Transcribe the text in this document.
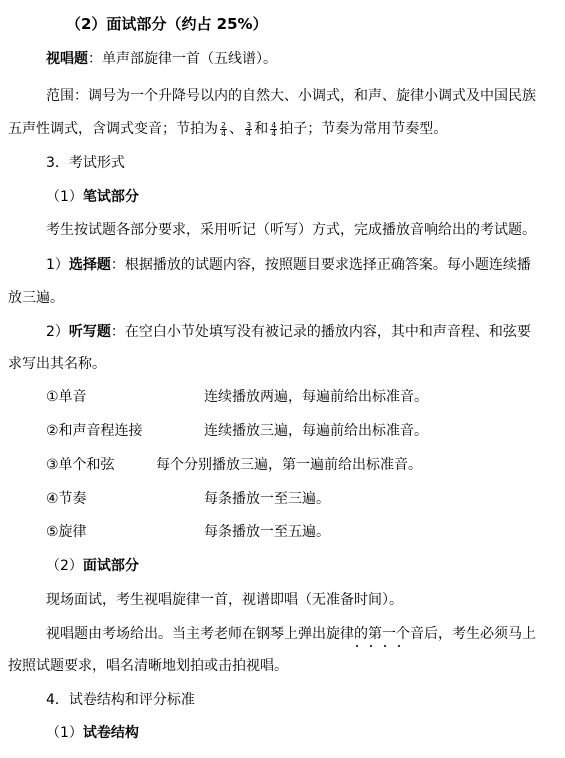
（2）面试部分（约占 25%）
视唱题：单声部旋律一首（五线谱）。
范围：调号为一个升降号以内的自然大、小调式，和声、旋律小调式及中国民族
五声性调式，含调式变音；节拍为 $\frac{2}{4}$ 、 $\frac{3}{4}$ 和 $\frac{4}{4}$ 拍子；节奏为常用节奏型。
3．考试形式
（1）笔试部分
考生按试题各部分要求，采用听记（听写）方式，完成播放音响给出的考试题。
1）选择题：根据播放的试题内容，按照题目要求选择正确答案。每小题连续播
放三遍。
2）听写题：在空白小节处填写没有被记录的播放内容，其中和声音程、和弦要
求写出其名称。
①单音	连续播放两遍，每遍前给出标准音。
②和声音程连接	连续播放三遍，每遍前给出标准音。
③单个和弦	每个分别播放三遍，第一遍前给出标准音。
④节奏	每条播放一至三遍。
⑤旋律	每条播放一至五遍。
（2）面试部分
现场面试，考生视唱旋律一首，视谱即唱（无准备时间）。
视唱题由考场给出。当主考老师在钢琴上弹出旋律的第一个音后，考生必须马上
按照试题要求，唱名清晰地划拍或击拍视唱。
4．试卷结构和评分标准
（1）试卷结构
